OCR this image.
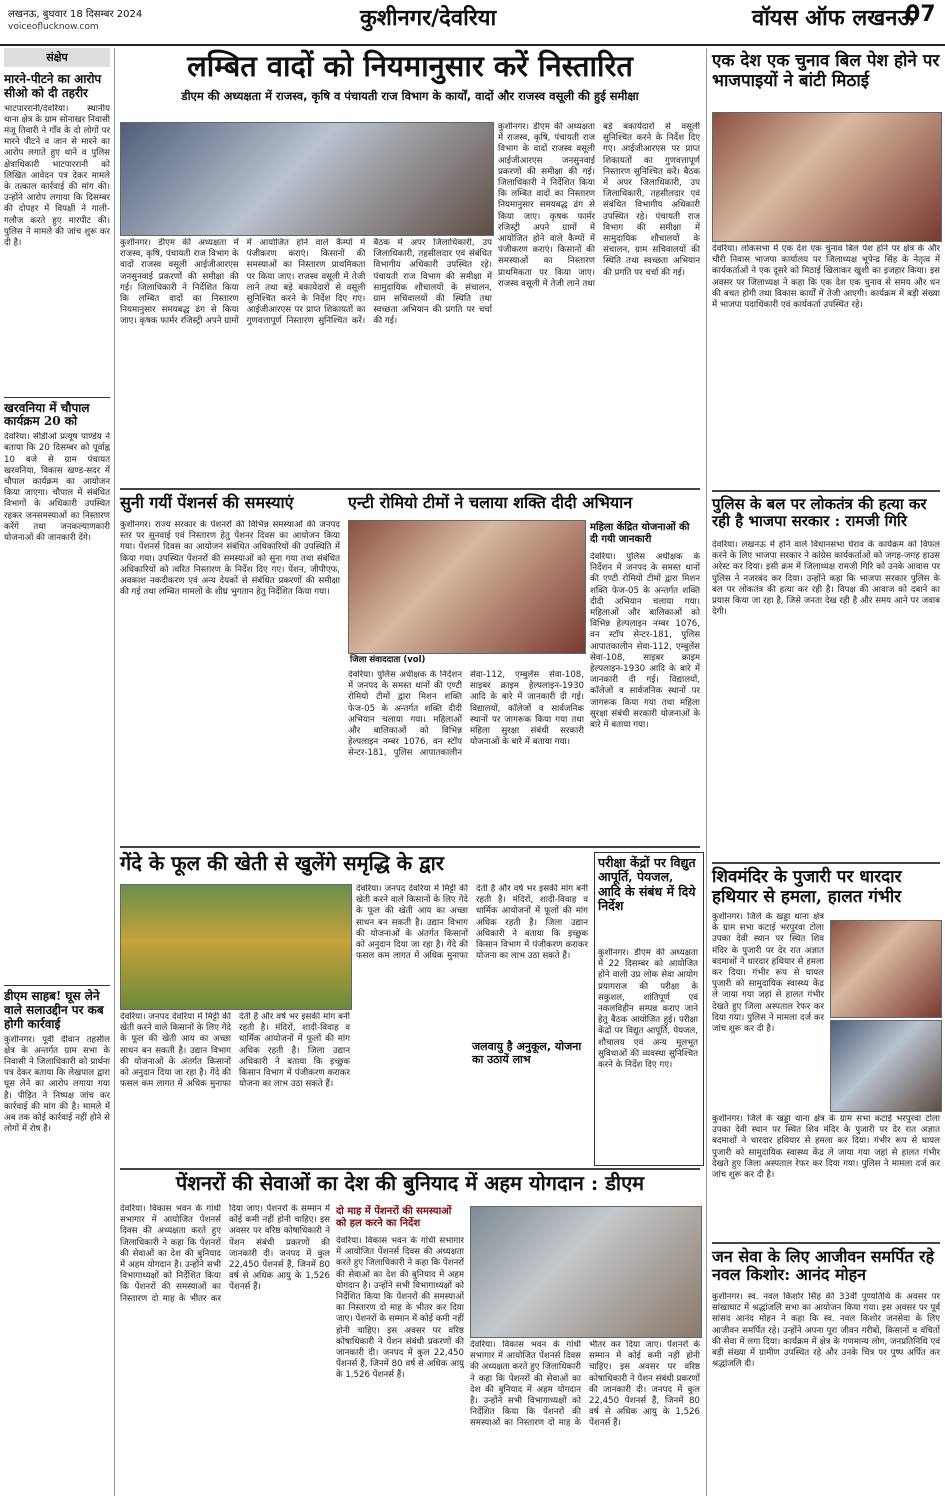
लखनऊ, बुधवार 18 दिसम्बर 2024
voiceoflucknow.com	कुशीनगर/देवरिया	वॉयस ऑफ लखनऊ
07
संक्षेप
मारने-पीटने का आरोप सीओ को दी तहरीर
भाटपाररानी/देवरिया। स्थानीय थाना क्षेत्र के ग्राम सोनाखर निवासी मंजू तिवारी ने गाँव के दो लोगों पर मारने पीटने व जान से मारने का आरोप लगाते हुए थाने व पुलिस क्षेत्राधिकारी भाटपाररानी को लिखित आवेदन पत्र देकर मामले के तत्काल कार्रवाई की मांग की। उन्होंने आरोप लगाया कि दिसम्बर की दोपहर में विपक्षी ने गाली-गलौज करते हुए मारपीट की। पुलिस ने मामले की जांच शुरू कर दी है।
खरवनिया में चौपाल कार्यक्रम 20 को
देवरिया। सीडीओ प्रत्यूष पाण्डेय ने बताया कि 20 दिसम्बर को पूर्वाह्न 10 बजे से ग्राम पंचायत खरवनिया, विकास खण्ड-सदर में चौपाल कार्यक्रम का आयोजन किया जाएगा। चौपाल में संबंधित विभागों के अधिकारी उपस्थित रहकर जनसमस्याओं का निस्तारण करेंगे तथा जनकल्याणकारी योजनाओं की जानकारी देंगे।
डीएम साहब! घूस लेने वाले सलाउद्दीन पर कब होगी कार्रवाई
कुशीनगर। पूर्वी दीवान तहसील क्षेत्र के अन्तर्गत ग्राम सभा के निवासी ने जिलाधिकारी को प्रार्थना पत्र देकर बताया कि लेखपाल द्वारा घूस लेने का आरोप लगाया गया है। पीड़ित ने निष्पक्ष जांच कर कार्रवाई की मांग की है। मामले में अब तक कोई कार्रवाई नहीं होने से लोगों में रोष है।
लम्बित वादों को नियमानुसार करें निस्तारित
डीएम की अध्यक्षता में राजस्व, कृषि व पंचायती राज विभाग के कार्यों, वादों और राजस्व वसूली की हुई समीक्षा
कुशीनगर। डीएम की अध्यक्षता में राजस्व, कृषि, पंचायती राज विभाग के वादों राजस्व वसूली आईजीआरएस जनसुनवाई प्रकरणों की समीक्षा की गई। जिलाधिकारी ने निर्देशित किया कि लम्बित वादों का निस्तारण नियमानुसार समयबद्ध ढंग से किया जाए। कृषक फार्मर रजिस्ट्री अपने ग्रामों में आयोजित होने वाले कैम्पों में पंजीकरण कराएं। किसानों की समस्याओं का निस्तारण प्राथमिकता पर किया जाए। राजस्व वसूली में तेजी लाने तथा बड़े बकायेदारों से वसूली सुनिश्चित करने के निर्देश दिए गए। आईजीआरएस पर प्राप्त शिकायतों का गुणवत्तापूर्ण निस्तारण सुनिश्चित करें। बैठक में अपर जिलाधिकारी, उप जिलाधिकारी, तहसीलदार एवं संबंधित विभागीय अधिकारी उपस्थित रहे। पंचायती राज विभाग की समीक्षा में सामुदायिक शौचालयों के संचालन, ग्राम सचिवालयों की स्थिति तथा स्वच्छता अभियान की प्रगति पर चर्चा की गई।
कुशीनगर। डीएम की अध्यक्षता में राजस्व, कृषि, पंचायती राज विभाग के वादों राजस्व वसूली आईजीआरएस जनसुनवाई प्रकरणों की समीक्षा की गई। जिलाधिकारी ने निर्देशित किया कि लम्बित वादों का निस्तारण नियमानुसार समयबद्ध ढंग से किया जाए। कृषक फार्मर रजिस्ट्री अपने ग्रामों में आयोजित होने वाले कैम्पों में पंजीकरण कराएं। किसानों की समस्याओं का निस्तारण प्राथमिकता पर किया जाए। राजस्व वसूली में तेजी लाने तथा बड़े बकायेदारों से वसूली सुनिश्चित करने के निर्देश दिए गए। आईजीआरएस पर प्राप्त शिकायतों का गुणवत्तापूर्ण निस्तारण सुनिश्चित करें। बैठक में अपर जिलाधिकारी, उप जिलाधिकारी, तहसीलदार एवं संबंधित विभागीय अधिकारी उपस्थित रहे। पंचायती राज विभाग की समीक्षा में सामुदायिक शौचालयों के संचालन, ग्राम सचिवालयों की स्थिति तथा स्वच्छता अभियान की प्रगति पर चर्चा की गई।
सुनी गयीं पेंशनर्स की समस्याएं
कुशीनगर। राज्य सरकार के पेंशनरों की विभिन्न समस्याओं की जनपद स्तर पर सुनवाई एवं निस्तारण हेतु पेंशनर दिवस का आयोजन किया गया। पेंशनर्स दिवस का आयोजन संबंधित अधिकारियों की उपस्थिति में किया गया। उपस्थित पेंशनरों की समस्याओं को सुना गया तथा संबंधित अधिकारियों को त्वरित निस्तारण के निर्देश दिए गए। पेंशन, जीपीएफ, अवकाश नकदीकरण एवं अन्य देयकों से संबंधित प्रकरणों की समीक्षा की गई तथा लम्बित मामलों के शीघ्र भुगतान हेतु निर्देशित किया गया।
एन्टी रोमियो टीमों ने चलाया शक्ति दीदी अभियान
जिला संवाददाता (vol)
महिला केंद्रित योजनाओं की दी गयी जानकारी
देवरिया। पुलिस अधीक्षक के निर्देशन में जनपद के समस्त थानों की एण्टी रोमियो टीमों द्वारा मिशन शक्ति फेज-05 के अन्तर्गत शक्ति दीदी अभियान चलाया गया। महिलाओं और बालिकाओं को विभिन्न हेल्पलाइन नम्बर 1076, वन स्टॉप सेन्टर-181, पुलिस आपातकालीन सेवा-112, एम्बुलेंस सेवा-108, साइबर क्राइम हेल्पलाइन-1930 आदि के बारे में जानकारी दी गई। विद्यालयों, कॉलेजों व सार्वजनिक स्थानों पर जागरूक किया गया तथा महिला सुरक्षा संबंधी सरकारी योजनाओं के बारे में बताया गया।
देवरिया। पुलिस अधीक्षक के निर्देशन में जनपद के समस्त थानों की एण्टी रोमियो टीमों द्वारा मिशन शक्ति फेज-05 के अन्तर्गत शक्ति दीदी अभियान चलाया गया। महिलाओं और बालिकाओं को विभिन्न हेल्पलाइन नम्बर 1076, वन स्टॉप सेन्टर-181, पुलिस आपातकालीन सेवा-112, एम्बुलेंस सेवा-108, साइबर क्राइम हेल्पलाइन-1930 आदि के बारे में जानकारी दी गई। विद्यालयों, कॉलेजों व सार्वजनिक स्थानों पर जागरूक किया गया तथा महिला सुरक्षा संबंधी सरकारी योजनाओं के बारे में बताया गया।
गेंदे के फूल की खेती से खुलेंगे समृद्धि के द्वार
देवरिया। जनपद देवरिया में मिट्टी की खेती करने वाले किसानों के लिए गेंदे के फूल की खेती आय का अच्छा साधन बन सकती है। उद्यान विभाग की योजनाओं के अंतर्गत किसानों को अनुदान दिया जा रहा है। गेंदे की फसल कम लागत में अधिक मुनाफा देती है और वर्ष भर इसकी मांग बनी रहती है। मंदिरों, शादी-विवाह व धार्मिक आयोजनों में फूलों की मांग अधिक रहती है। जिला उद्यान अधिकारी ने बताया कि इच्छुक किसान विभाग में पंजीकरण कराकर योजना का लाभ उठा सकते हैं।
देवरिया। जनपद देवरिया में मिट्टी की खेती करने वाले किसानों के लिए गेंदे के फूल की खेती आय का अच्छा साधन बन सकती है। उद्यान विभाग की योजनाओं के अंतर्गत किसानों को अनुदान दिया जा रहा है। गेंदे की फसल कम लागत में अधिक मुनाफा देती है और वर्ष भर इसकी मांग बनी रहती है। मंदिरों, शादी-विवाह व धार्मिक आयोजनों में फूलों की मांग अधिक रहती है। जिला उद्यान अधिकारी ने बताया कि इच्छुक किसान विभाग में पंजीकरण कराकर योजना का लाभ उठा सकते हैं।
जलवायु है अनुकूल, योजना का उठायें लाभ
परीक्षा केंद्रों पर विद्युत आपूर्ति, पेयजल, आदि के संबंध में दिये निर्देश
कुशीनगर। डीएम की अध्यक्षता में 22 दिसम्बर को आयोजित होने वाली उप्र लोक सेवा आयोग प्रयागराज की परीक्षा के सकुशल, शांतिपूर्ण एवं नकलविहीन सम्पन्न कराए जाने हेतु बैठक आयोजित हुई। परीक्षा केंद्रों पर विद्युत आपूर्ति, पेयजल, शौचालय एवं अन्य मूलभूत सुविधाओं की व्यवस्था सुनिश्चित करने के निर्देश दिए गए।
पेंशनरों की सेवाओं का देश की बुनियाद में अहम योगदान : डीएम
देवरिया। विकास भवन के गांधी सभागार में आयोजित पेंशनर्स दिवस की अध्यक्षता करते हुए जिलाधिकारी ने कहा कि पेंशनरों की सेवाओं का देश की बुनियाद में अहम योगदान है। उन्होंने सभी विभागाध्यक्षों को निर्देशित किया कि पेंशनरों की समस्याओं का निस्तारण दो माह के भीतर कर दिया जाए। पेंशनरों के सम्मान में कोई कमी नहीं होनी चाहिए। इस अवसर पर वरिष्ठ कोषाधिकारी ने पेंशन संबंधी प्रकरणों की जानकारी दी। जनपद में कुल 22,450 पेंशनर्स हैं, जिनमें 80 वर्ष से अधिक आयु के 1,526 पेंशनर्स हैं।
दो माह में पेंशनरों की समस्याओं को हल करने का निर्देश
देवरिया। विकास भवन के गांधी सभागार में आयोजित पेंशनर्स दिवस की अध्यक्षता करते हुए जिलाधिकारी ने कहा कि पेंशनरों की सेवाओं का देश की बुनियाद में अहम योगदान है। उन्होंने सभी विभागाध्यक्षों को निर्देशित किया कि पेंशनरों की समस्याओं का निस्तारण दो माह के भीतर कर दिया जाए। पेंशनरों के सम्मान में कोई कमी नहीं होनी चाहिए। इस अवसर पर वरिष्ठ कोषाधिकारी ने पेंशन संबंधी प्रकरणों की जानकारी दी। जनपद में कुल 22,450 पेंशनर्स हैं, जिनमें 80 वर्ष से अधिक आयु के 1,526 पेंशनर्स हैं।
देवरिया। विकास भवन के गांधी सभागार में आयोजित पेंशनर्स दिवस की अध्यक्षता करते हुए जिलाधिकारी ने कहा कि पेंशनरों की सेवाओं का देश की बुनियाद में अहम योगदान है। उन्होंने सभी विभागाध्यक्षों को निर्देशित किया कि पेंशनरों की समस्याओं का निस्तारण दो माह के भीतर कर दिया जाए। पेंशनरों के सम्मान में कोई कमी नहीं होनी चाहिए। इस अवसर पर वरिष्ठ कोषाधिकारी ने पेंशन संबंधी प्रकरणों की जानकारी दी। जनपद में कुल 22,450 पेंशनर्स हैं, जिनमें 80 वर्ष से अधिक आयु के 1,526 पेंशनर्स हैं।
एक देश एक चुनाव बिल पेश होने पर भाजपाइयों ने बांटी मिठाई
देवरिया। लोकसभा में एक देश एक चुनाव बिल पेश होने पर क्षेत्र के और चौरी निवास भाजपा कार्यालय पर जिलाध्यक्ष भूपेन्द्र सिंह के नेतृत्व में कार्यकर्ताओं ने एक दूसरे को मिठाई खिलाकर खुशी का इजहार किया। इस अवसर पर जिलाध्यक्ष ने कहा कि एक देश एक चुनाव से समय और धन की बचत होगी तथा विकास कार्यों में तेजी आएगी। कार्यक्रम में बड़ी संख्या में भाजपा पदाधिकारी एवं कार्यकर्ता उपस्थित रहे।
पुलिस के बल पर लोकतंत्र की हत्या कर रही है भाजपा सरकार : रामजी गिरि
देवरिया। लखनऊ में होने वाले विधानसभा घेराव के कार्यक्रम को विफल करने के लिए भाजपा सरकार ने कांग्रेस कार्यकर्ताओं को जगह-जगह हाउस अरेस्ट कर दिया। इसी क्रम में जिलाध्यक्ष रामजी गिरि को उनके आवास पर पुलिस ने नजरबंद कर दिया। उन्होंने कहा कि भाजपा सरकार पुलिस के बल पर लोकतंत्र की हत्या कर रही है। विपक्ष की आवाज को दबाने का प्रयास किया जा रहा है, जिसे जनता देख रही है और समय आने पर जवाब देगी।
शिवमंदिर के पुजारी पर धारदार हथियार से हमला, हालत गंभीर
कुशीनगर। जिले के खड्डा थाना क्षेत्र के ग्राम सभा कटाई भरपुरवा टोला उपका देवी स्थान पर स्थित शिव मंदिर के पुजारी पर देर रात अज्ञात बदमाशों ने धारदार हथियार से हमला कर दिया। गंभीर रूप से घायल पुजारी को सामुदायिक स्वास्थ्य केंद्र ले जाया गया जहां से हालत गंभीर देखते हुए जिला अस्पताल रेफर कर दिया गया। पुलिस ने मामला दर्ज कर जांच शुरू कर दी है।
कुशीनगर। जिले के खड्डा थाना क्षेत्र के ग्राम सभा कटाई भरपुरवा टोला उपका देवी स्थान पर स्थित शिव मंदिर के पुजारी पर देर रात अज्ञात बदमाशों ने धारदार हथियार से हमला कर दिया। गंभीर रूप से घायल पुजारी को सामुदायिक स्वास्थ्य केंद्र ले जाया गया जहां से हालत गंभीर देखते हुए जिला अस्पताल रेफर कर दिया गया। पुलिस ने मामला दर्ज कर जांच शुरू कर दी है।
जन सेवा के लिए आजीवन समर्पित रहे नवल किशोर: आनंद मोहन
कुशीनगर। स्व. नवल किशोर सिंह की 33वीं पुण्यतिथि के अवसर पर सांखाघाट में श्रद्धांजलि सभा का आयोजन किया गया। इस अवसर पर पूर्व सांसद आनंद मोहन ने कहा कि स्व. नवल किशोर जनसेवा के लिए आजीवन समर्पित रहे। उन्होंने अपना पूरा जीवन गरीबों, किसानों व वंचितों की सेवा में लगा दिया। कार्यक्रम में क्षेत्र के गणमान्य लोग, जनप्रतिनिधि एवं बड़ी संख्या में ग्रामीण उपस्थित रहे और उनके चित्र पर पुष्प अर्पित कर श्रद्धांजलि दी।
